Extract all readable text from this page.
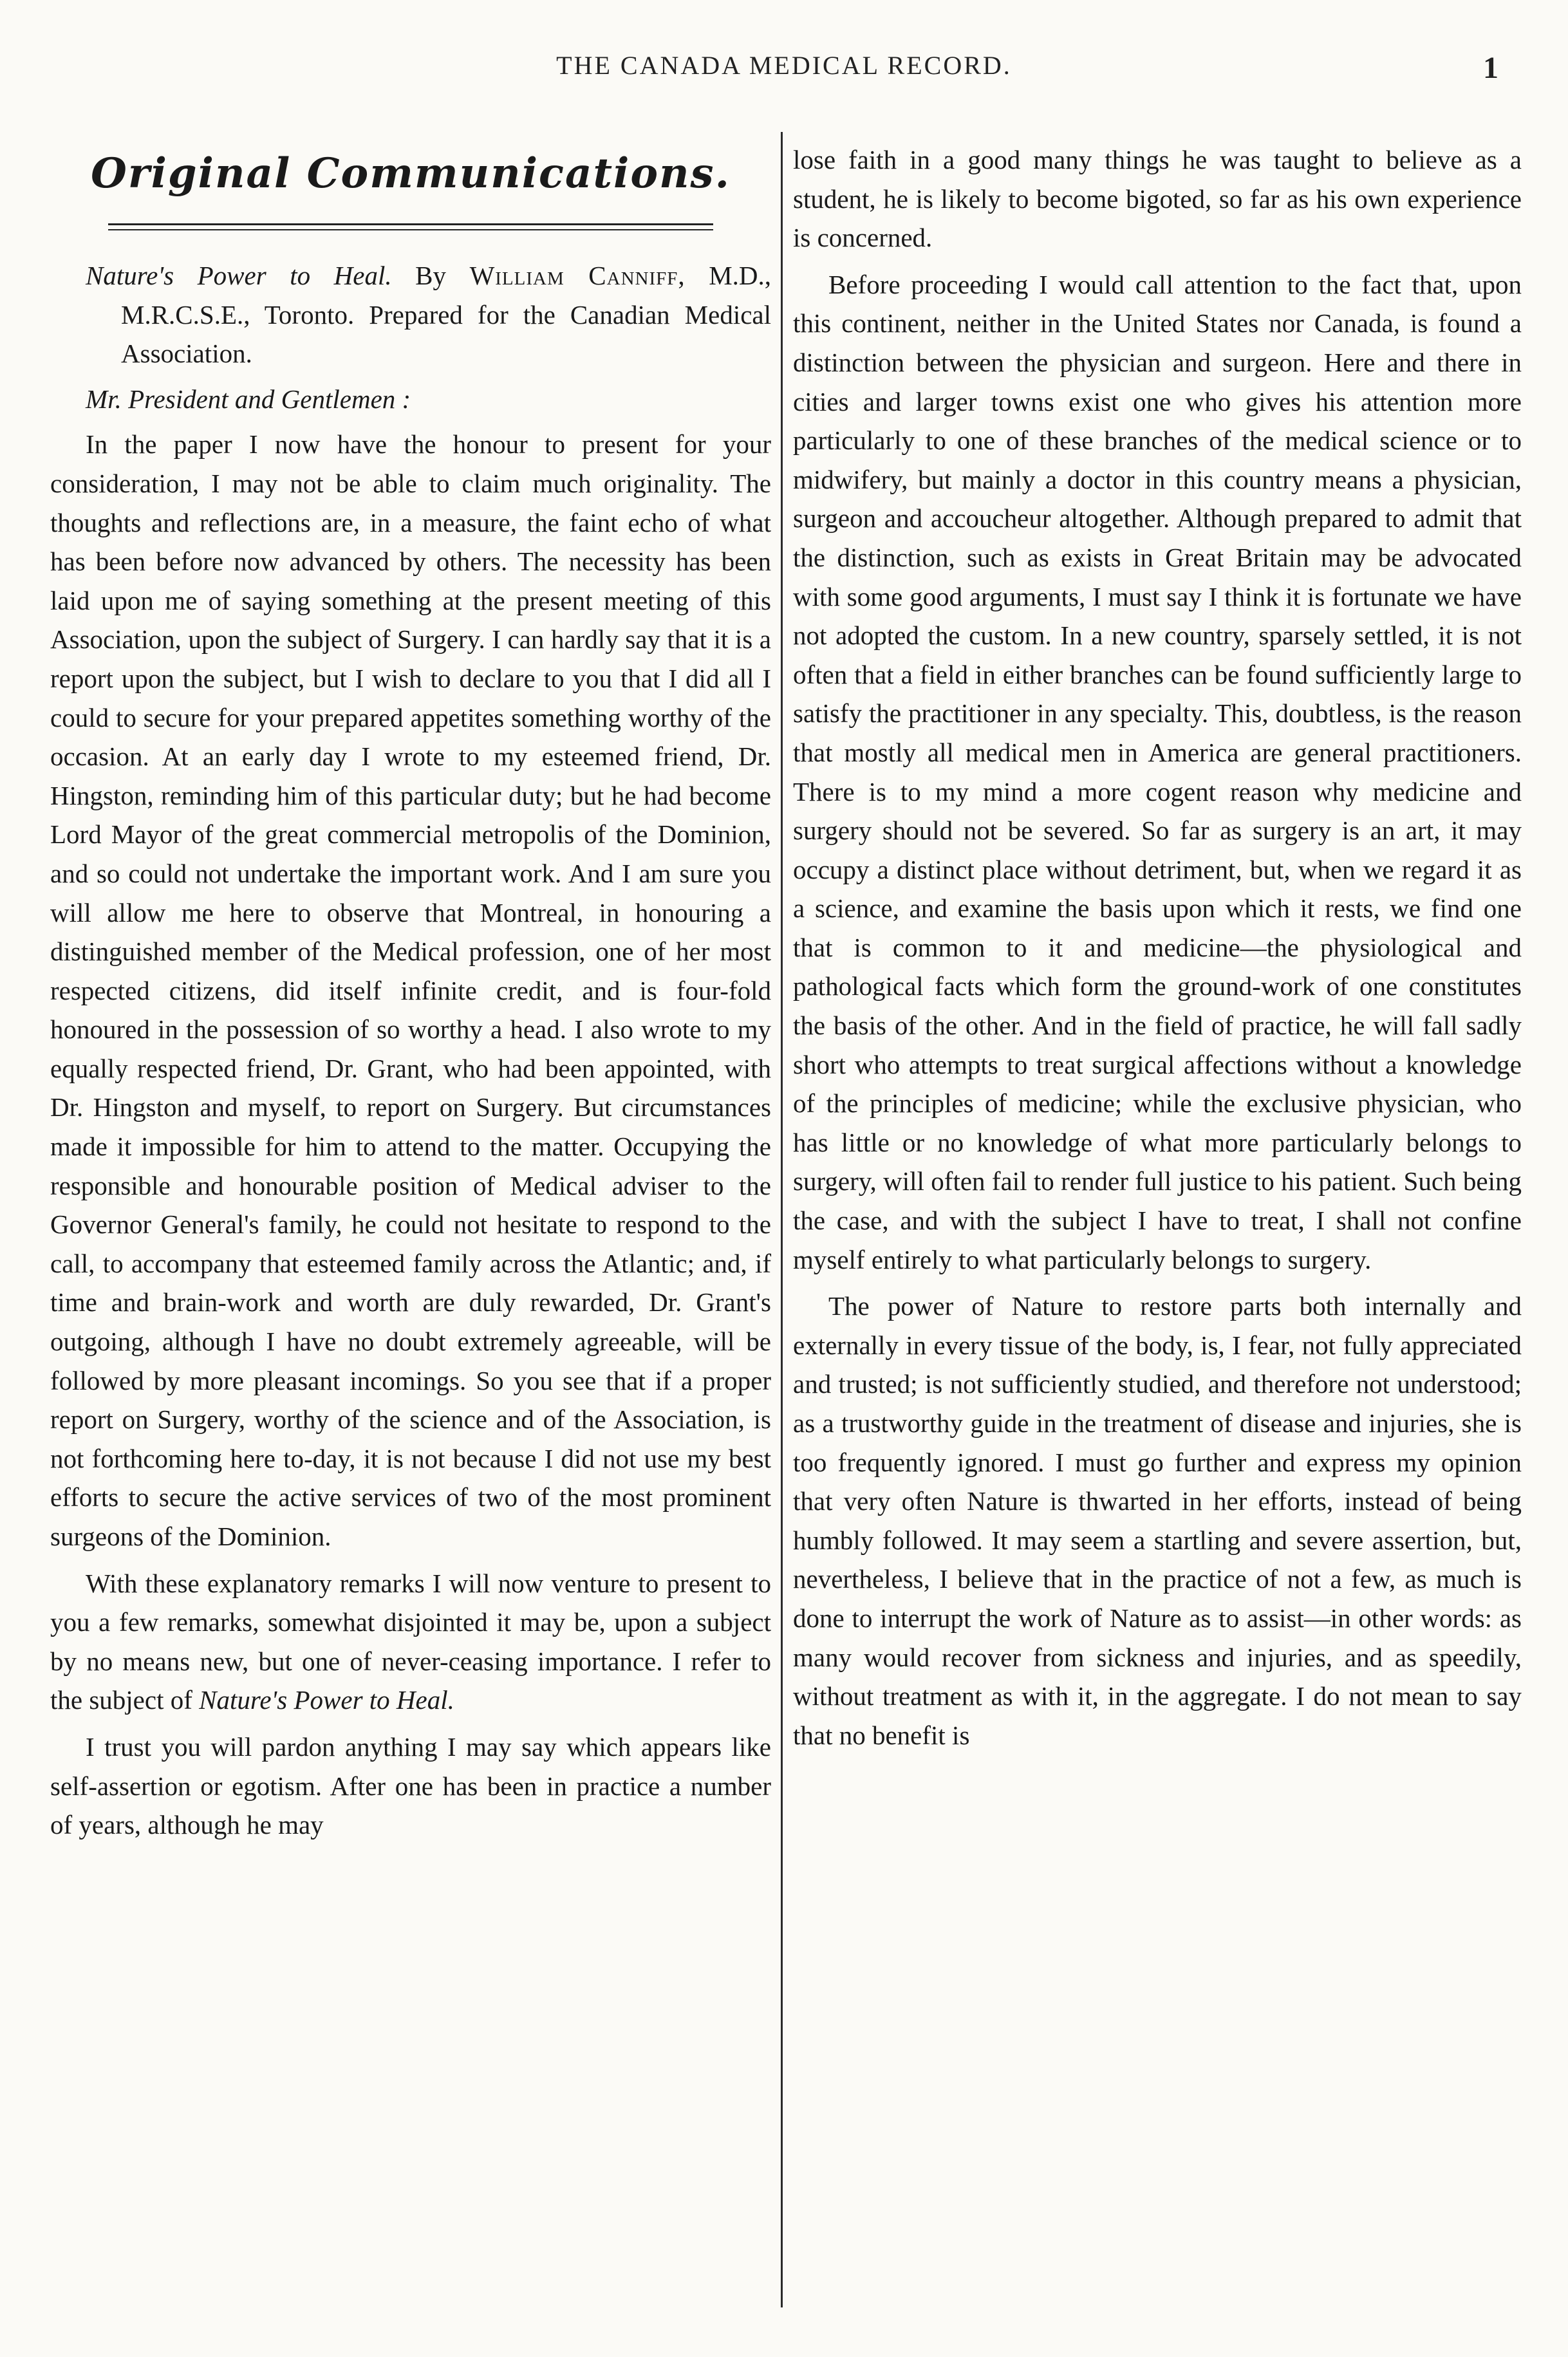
THE CANADA MEDICAL RECORD.	1
Original Communications.

Nature's Power to Heal. By William Canniff, M.D., M.R.C.S.E., Toronto. Prepared for the Canadian Medical Association.

Mr. President and Gentlemen :

In the paper I now have the honour to present for your consideration, I may not be able to claim much originality. The thoughts and reflections are, in a measure, the faint echo of what has been before now advanced by others. The necessity has been laid upon me of saying something at the present meeting of this Association, upon the subject of Surgery. I can hardly say that it is a report upon the subject, but I wish to declare to you that I did all I could to secure for your prepared appetites something worthy of the occasion. At an early day I wrote to my esteemed friend, Dr. Hingston, reminding him of this particular duty; but he had become Lord Mayor of the great commercial metropolis of the Dominion, and so could not undertake the important work. And I am sure you will allow me here to observe that Montreal, in honouring a distinguished member of the Medical profession, one of her most respected citizens, did itself infinite credit, and is four-fold honoured in the possession of so worthy a head. I also wrote to my equally respected friend, Dr. Grant, who had been appointed, with Dr. Hingston and myself, to report on Surgery. But circumstances made it impossible for him to attend to the matter. Occupying the responsible and honourable position of Medical adviser to the Governor General's family, he could not hesitate to respond to the call, to accompany that esteemed family across the Atlantic; and, if time and brain-work and worth are duly rewarded, Dr. Grant's outgoing, although I have no doubt extremely agreeable, will be followed by more pleasant incomings. So you see that if a proper report on Surgery, worthy of the science and of the Association, is not forthcoming here to-day, it is not because I did not use my best efforts to secure the active services of two of the most prominent surgeons of the Dominion.

With these explanatory remarks I will now venture to present to you a few remarks, somewhat disjointed it may be, upon a subject by no means new, but one of never-ceasing importance. I refer to the subject of Nature's Power to Heal.

I trust you will pardon anything I may say which appears like self-assertion or egotism. After one has been in practice a number of years, although he may

lose faith in a good many things he was taught to believe as a student, he is likely to become bigoted, so far as his own experience is concerned.

Before proceeding I would call attention to the fact that, upon this continent, neither in the United States nor Canada, is found a distinction between the physician and surgeon. Here and there in cities and larger towns exist one who gives his attention more particularly to one of these branches of the medical science or to midwifery, but mainly a doctor in this country means a physician, surgeon and accoucheur altogether. Although prepared to admit that the distinction, such as exists in Great Britain may be advocated with some good arguments, I must say I think it is fortunate we have not adopted the custom. In a new country, sparsely settled, it is not often that a field in either branches can be found sufficiently large to satisfy the practitioner in any specialty. This, doubtless, is the reason that mostly all medical men in America are general practitioners. There is to my mind a more cogent reason why medicine and surgery should not be severed. So far as surgery is an art, it may occupy a distinct place without detriment, but, when we regard it as a science, and examine the basis upon which it rests, we find one that is common to it and medicine—the physiological and pathological facts which form the ground-work of one constitutes the basis of the other. And in the field of practice, he will fall sadly short who attempts to treat surgical affections without a knowledge of the principles of medicine; while the exclusive physician, who has little or no knowledge of what more particularly belongs to surgery, will often fail to render full justice to his patient. Such being the case, and with the subject I have to treat, I shall not confine myself entirely to what particularly belongs to surgery.

The power of Nature to restore parts both internally and externally in every tissue of the body, is, I fear, not fully appreciated and trusted; is not sufficiently studied, and therefore not understood; as a trustworthy guide in the treatment of disease and injuries, she is too frequently ignored. I must go further and express my opinion that very often Nature is thwarted in her efforts, instead of being humbly followed. It may seem a startling and severe assertion, but, nevertheless, I believe that in the practice of not a few, as much is done to interrupt the work of Nature as to assist—in other words: as many would recover from sickness and injuries, and as speedily, without treatment as with it, in the aggregate. I do not mean to say that no benefit is
